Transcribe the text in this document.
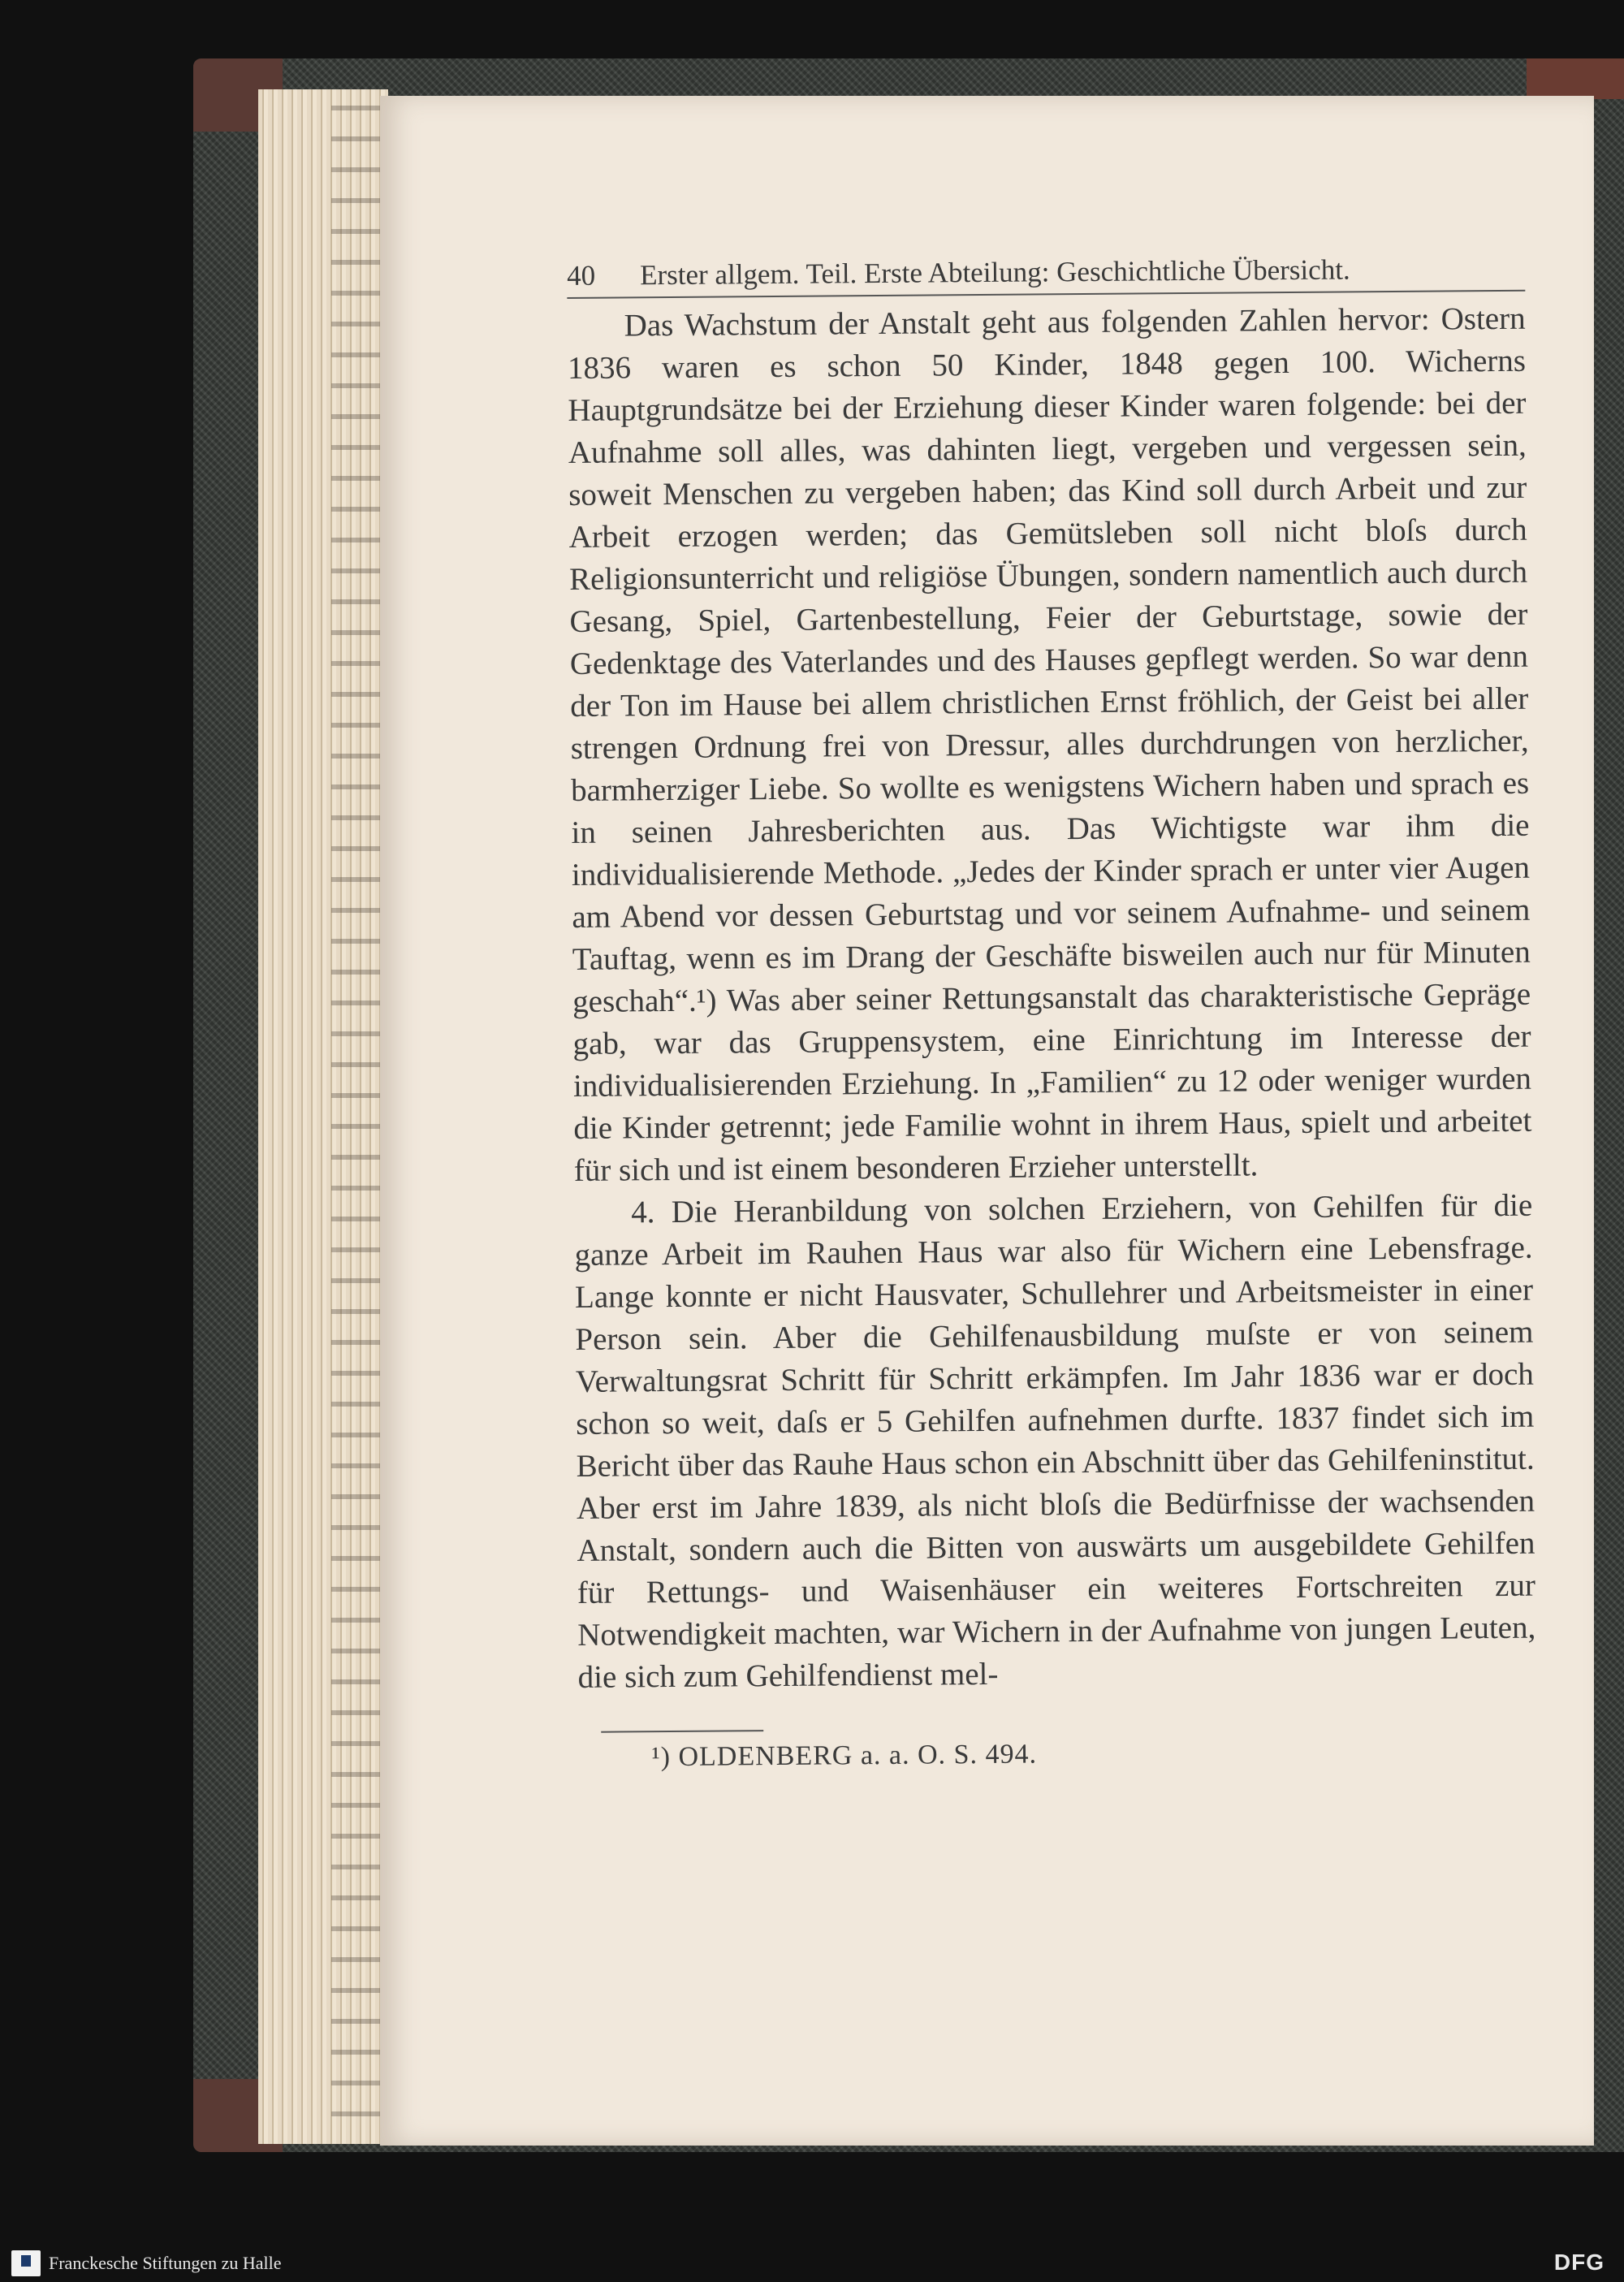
40	Erster allgem. Teil. Erste Abteilung: Geschichtliche Übersicht.

Das Wachstum der Anstalt geht aus folgenden Zahlen hervor: Ostern 1836 waren es schon 50 Kinder, 1848 gegen 100. Wicherns Hauptgrundsätze bei der Erziehung dieser Kinder waren folgende: bei der Aufnahme soll alles, was dahinten liegt, vergeben und vergessen sein, soweit Menschen zu vergeben haben; das Kind soll durch Arbeit und zur Arbeit erzogen werden; das Gemütsleben soll nicht bloſs durch Religionsunterricht und religiöse Übungen, sondern namentlich auch durch Gesang, Spiel, Gartenbestellung, Feier der Geburtstage, sowie der Gedenktage des Vaterlandes und des Hauses gepflegt werden. So war denn der Ton im Hause bei allem christlichen Ernst fröhlich, der Geist bei aller strengen Ordnung frei von Dressur, alles durchdrungen von herzlicher, barmherziger Liebe. So wollte es wenigstens Wichern haben und sprach es in seinen Jahresberichten aus. Das Wichtigste war ihm die individualisierende Methode. „Jedes der Kinder sprach er unter vier Augen am Abend vor dessen Geburtstag und vor seinem Aufnahme- und seinem Tauftag, wenn es im Drang der Geschäfte bisweilen auch nur für Minuten geschah“.¹) Was aber seiner Rettungsanstalt das charakteristische Gepräge gab, war das Gruppensystem, eine Einrichtung im Interesse der individualisierenden Erziehung. In „Familien“ zu 12 oder weniger wurden die Kinder getrennt; jede Familie wohnt in ihrem Haus, spielt und arbeitet für sich und ist einem besonderen Erzieher unterstellt.

4. Die Heranbildung von solchen Erziehern, von Gehilfen für die ganze Arbeit im Rauhen Haus war also für Wichern eine Lebensfrage. Lange konnte er nicht Hausvater, Schullehrer und Arbeitsmeister in einer Person sein. Aber die Gehilfenausbildung muſste er von seinem Verwaltungsrat Schritt für Schritt erkämpfen. Im Jahr 1836 war er doch schon so weit, daſs er 5 Gehilfen aufnehmen durfte. 1837 findet sich im Bericht über das Rauhe Haus schon ein Abschnitt über das Gehilfeninstitut. Aber erst im Jahre 1839, als nicht bloſs die Bedürfnisse der wachsenden Anstalt, sondern auch die Bitten von auswärts um ausgebildete Gehilfen für Rettungs- und Waisenhäuser ein weiteres Fortschreiten zur Notwendigkeit machten, war Wichern in der Aufnahme von jungen Leuten, die sich zum Gehilfendienst mel-

¹) OLDENBERG a. a. O. S. 494.
Franckesche Stiftungen zu Halle	DFG
